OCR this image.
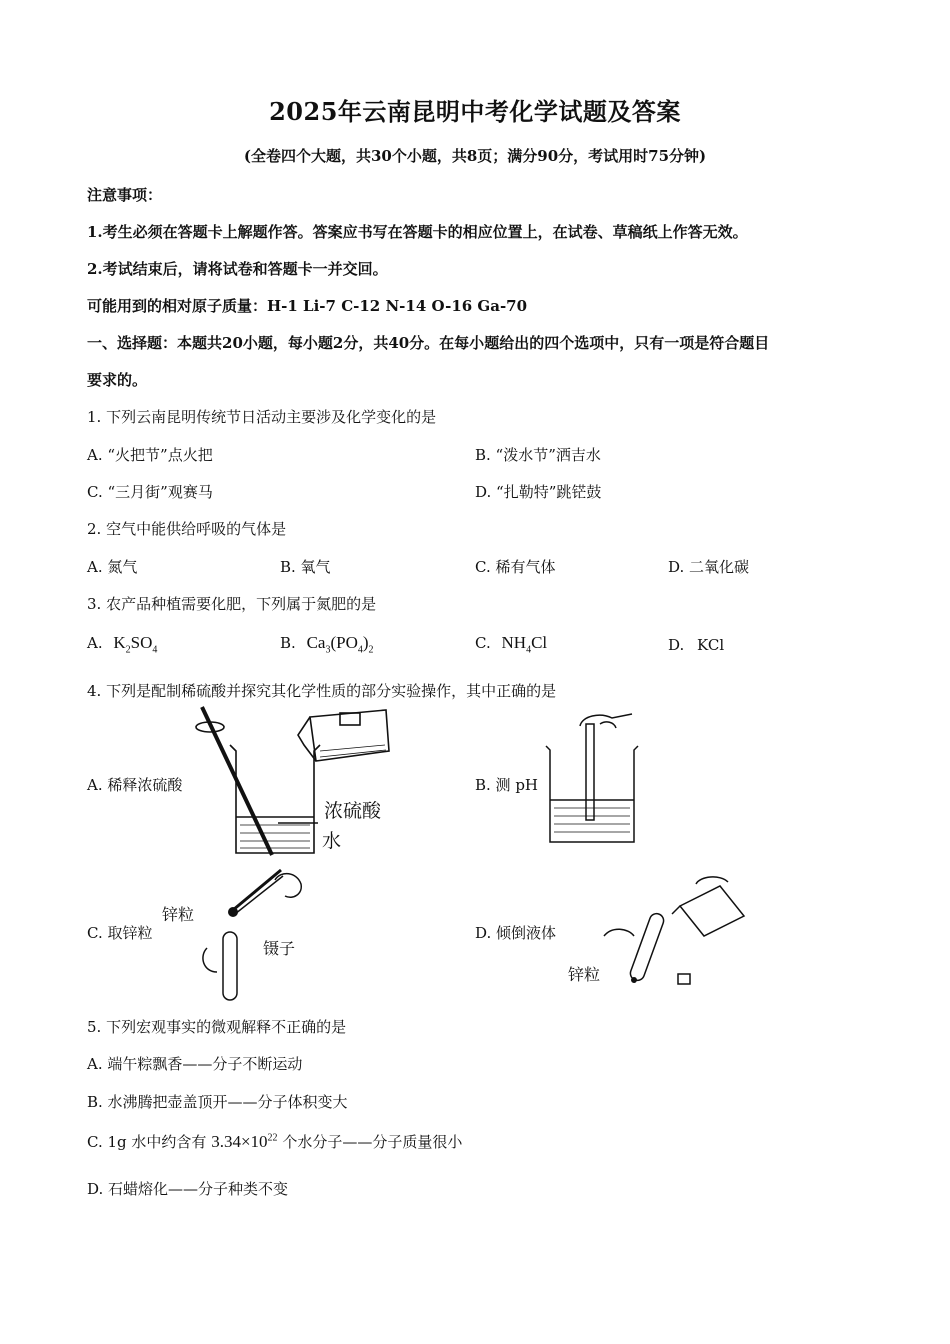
2025年云南昆明中考化学试题及答案
(全卷四个大题，共30个小题，共8页；满分90分，考试用时75分钟)
注意事项：
1.考生必须在答题卡上解题作答。答案应书写在答题卡的相应位置上，在试卷、草稿纸上作答无效。
2.考试结束后，请将试卷和答题卡一并交回。
可能用到的相对原子质量：H-1 Li-7 C-12 N-14 O-16 Ga-70
一、选择题：本题共20小题，每小题2分，共40分。在每小题给出的四个选项中，只有一项是符合题目
要求的。
1. 下列云南昆明传统节日活动主要涉及化学变化的是
A. “火把节”点火把	B. “泼水节”洒吉水
C. “三月街”观赛马	D. “扎勒特”跳铓鼓
2. 空气中能供给呼吸的气体是
A. 氮气	B. 氧气	C. 稀有气体	D. 二氧化碳
3. 农产品种植需要化肥，下列属于氮肥的是
A. $K_2SO_4$	B. $Ca_3(PO_4)_2$	C. $NH_4Cl$	D. KCl
4. 下列是配制稀硫酸并探究其化学性质的部分实验操作，其中正确的是
A. 稀释浓硫酸	B. 测 pH
C. 取锌粒	D. 倾倒液体
浓硫酸
水
锌粒
镊子
锌粒
5. 下列宏观事实的微观解释不正确的是
A. 端午粽飘香——分子不断运动
B. 水沸腾把壶盖顶开——分子体积变大
C. 1g 水中约含有 $3.34\times 10^{22}$ 个水分子——分子质量很小
D. 石蜡熔化——分子种类不变
